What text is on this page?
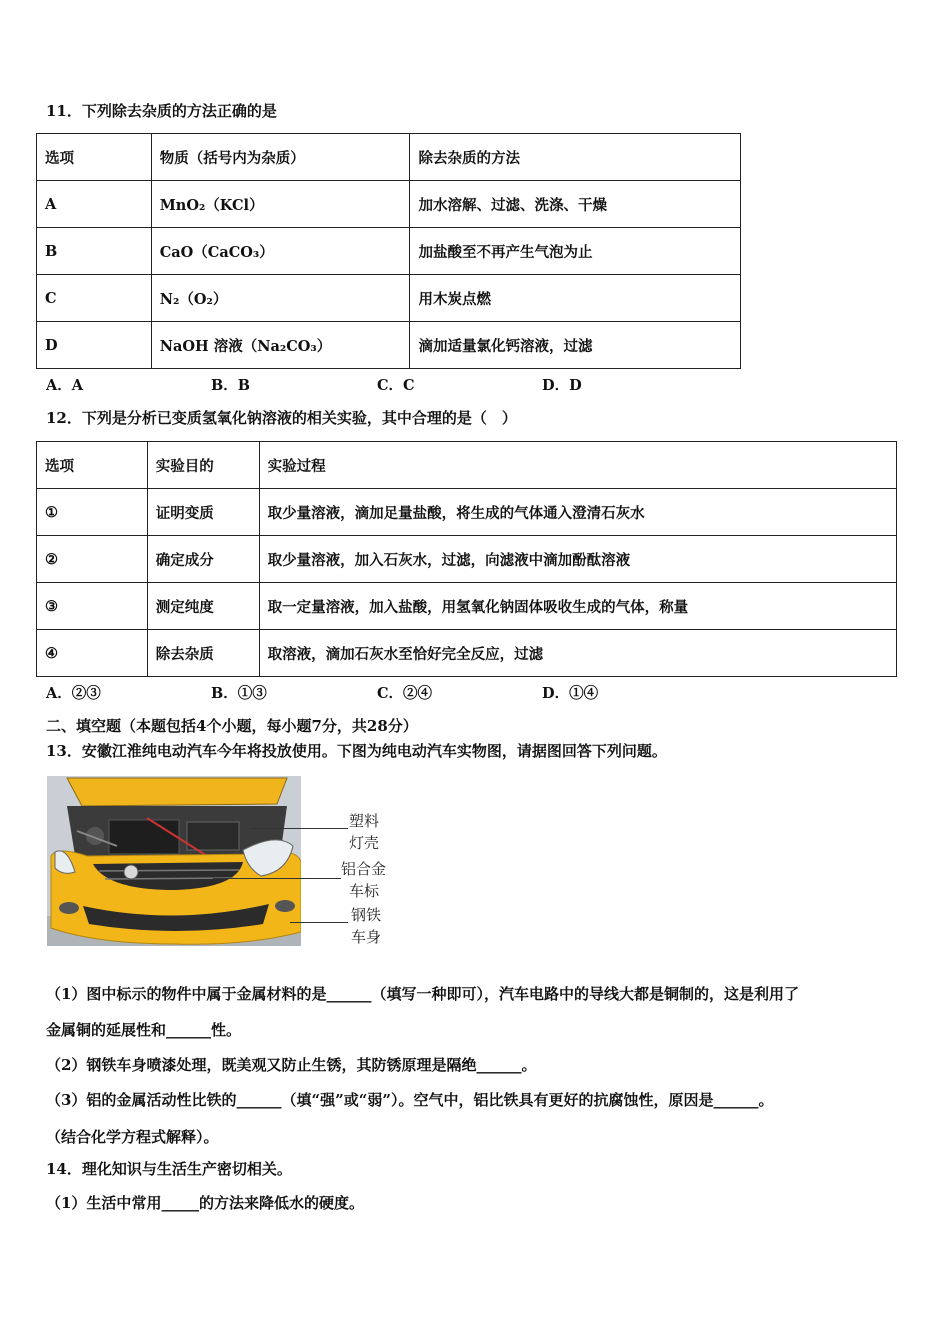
11．下列除去杂质的方法正确的是
选项	物质（括号内为杂质）	除去杂质的方法
A	MnO₂（KCl）	加水溶解、过滤、洗涤、干燥
B	CaO（CaCO₃）	加盐酸至不再产生气泡为止
C	N₂（O₂）	用木炭点燃
D	NaOH 溶液（Na₂CO₃）	滴加适量氯化钙溶液，过滤
A．A	B．B	C．C	D．D
12．下列是分析已变质氢氧化钠溶液的相关实验，其中合理的是（　）
选项	实验目的	实验过程
①	证明变质	取少量溶液，滴加足量盐酸，将生成的气体通入澄清石灰水
②	确定成分	取少量溶液，加入石灰水，过滤，向滤液中滴加酚酞溶液
③	测定纯度	取一定量溶液，加入盐酸，用氢氧化钠固体吸收生成的气体，称量
④	除去杂质	取溶液，滴加石灰水至恰好完全反应，过滤
A．②③	B．①③	C．②④	D．①④
二、填空题（本题包括4个小题，每小题7分，共28分）
13．安徽江淮纯电动汽车今年将投放使用。下图为纯电动汽车实物图，请据图回答下列问题。
塑料
灯壳
铝合金
车标
钢铁
车身
（1）图中标示的物件中属于金属材料的是______（填写一种即可），汽车电路中的导线大都是铜制的，这是利用了
金属铜的延展性和______性。
（2）钢铁车身喷漆处理，既美观又防止生锈，其防锈原理是隔绝______。
（3）铝的金属活动性比铁的______（填“强”或“弱”）。空气中，铝比铁具有更好的抗腐蚀性，原因是______。
（结合化学方程式解释）。
14．理化知识与生活生产密切相关。
（1）生活中常用_____的方法来降低水的硬度。
